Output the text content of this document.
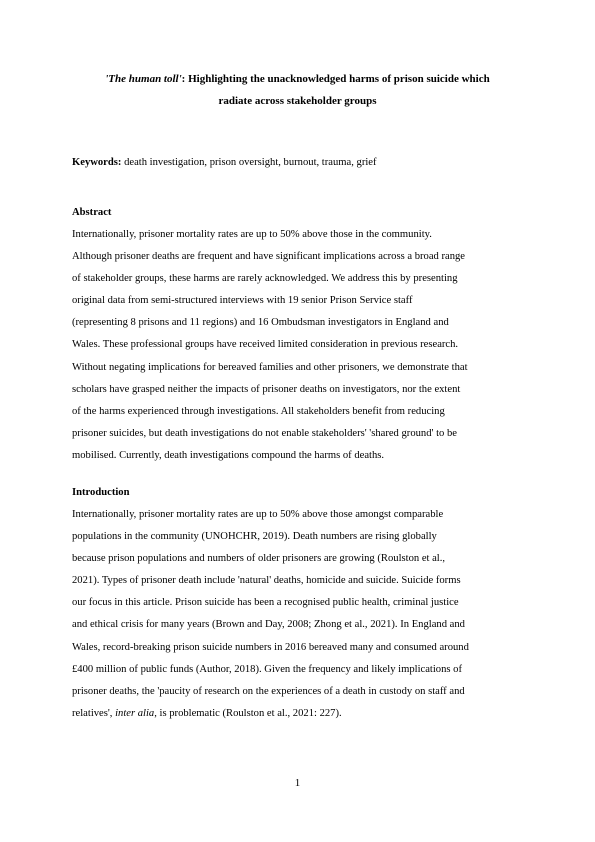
'The human toll': Highlighting the unacknowledged harms of prison suicide which
radiate across stakeholder groups
Keywords: death investigation, prison oversight, burnout, trauma, grief

Abstract

Internationally, prisoner mortality rates are up to 50% above those in the community.
Although prisoner deaths are frequent and have significant implications across a broad range
of stakeholder groups, these harms are rarely acknowledged. We address this by presenting
original data from semi-structured interviews with 19 senior Prison Service staff
(representing 8 prisons and 11 regions) and 16 Ombudsman investigators in England and
Wales. These professional groups have received limited consideration in previous research.
Without negating implications for bereaved families and other prisoners, we demonstrate that
scholars have grasped neither the impacts of prisoner deaths on investigators, nor the extent
of the harms experienced through investigations. All stakeholders benefit from reducing
prisoner suicides, but death investigations do not enable stakeholders' 'shared ground' to be
mobilised. Currently, death investigations compound the harms of deaths.

Introduction

Internationally, prisoner mortality rates are up to 50% above those amongst comparable
populations in the community (UNOHCHR, 2019). Death numbers are rising globally
because prison populations and numbers of older prisoners are growing (Roulston et al.,
2021). Types of prisoner death include 'natural' deaths, homicide and suicide. Suicide forms
our focus in this article. Prison suicide has been a recognised public health, criminal justice
and ethical crisis for many years (Brown and Day, 2008; Zhong et al., 2021). In England and
Wales, record-breaking prison suicide numbers in 2016 bereaved many and consumed around
£400 million of public funds (Author, 2018). Given the frequency and likely implications of
prisoner deaths, the 'paucity of research on the experiences of a death in custody on staff and
relatives', inter alia, is problematic (Roulston et al., 2021: 227).

1
